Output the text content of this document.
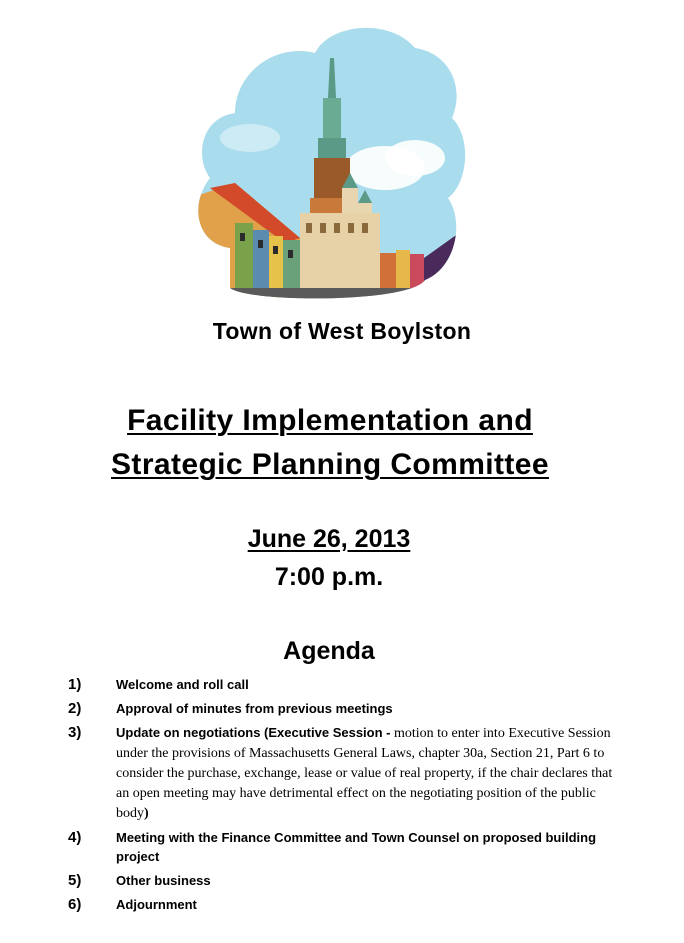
Town of West Boylston
Facility Implementation and
Strategic Planning Committee
June 26, 2013
7:00 p.m.
Agenda
1)	Welcome and roll call
2)	Approval of minutes from previous meetings
3)	Update on negotiations (Executive Session - motion to enter into Executive Session under the provisions of Massachusetts General Laws, chapter 30a, Section 21, Part 6 to consider the purchase, exchange, lease or value of real property, if the chair declares that an open meeting may have detrimental effect on the negotiating position of the public body)
4)	Meeting with the Finance Committee and Town Counsel on proposed building project
5)	Other business
6)	Adjournment
